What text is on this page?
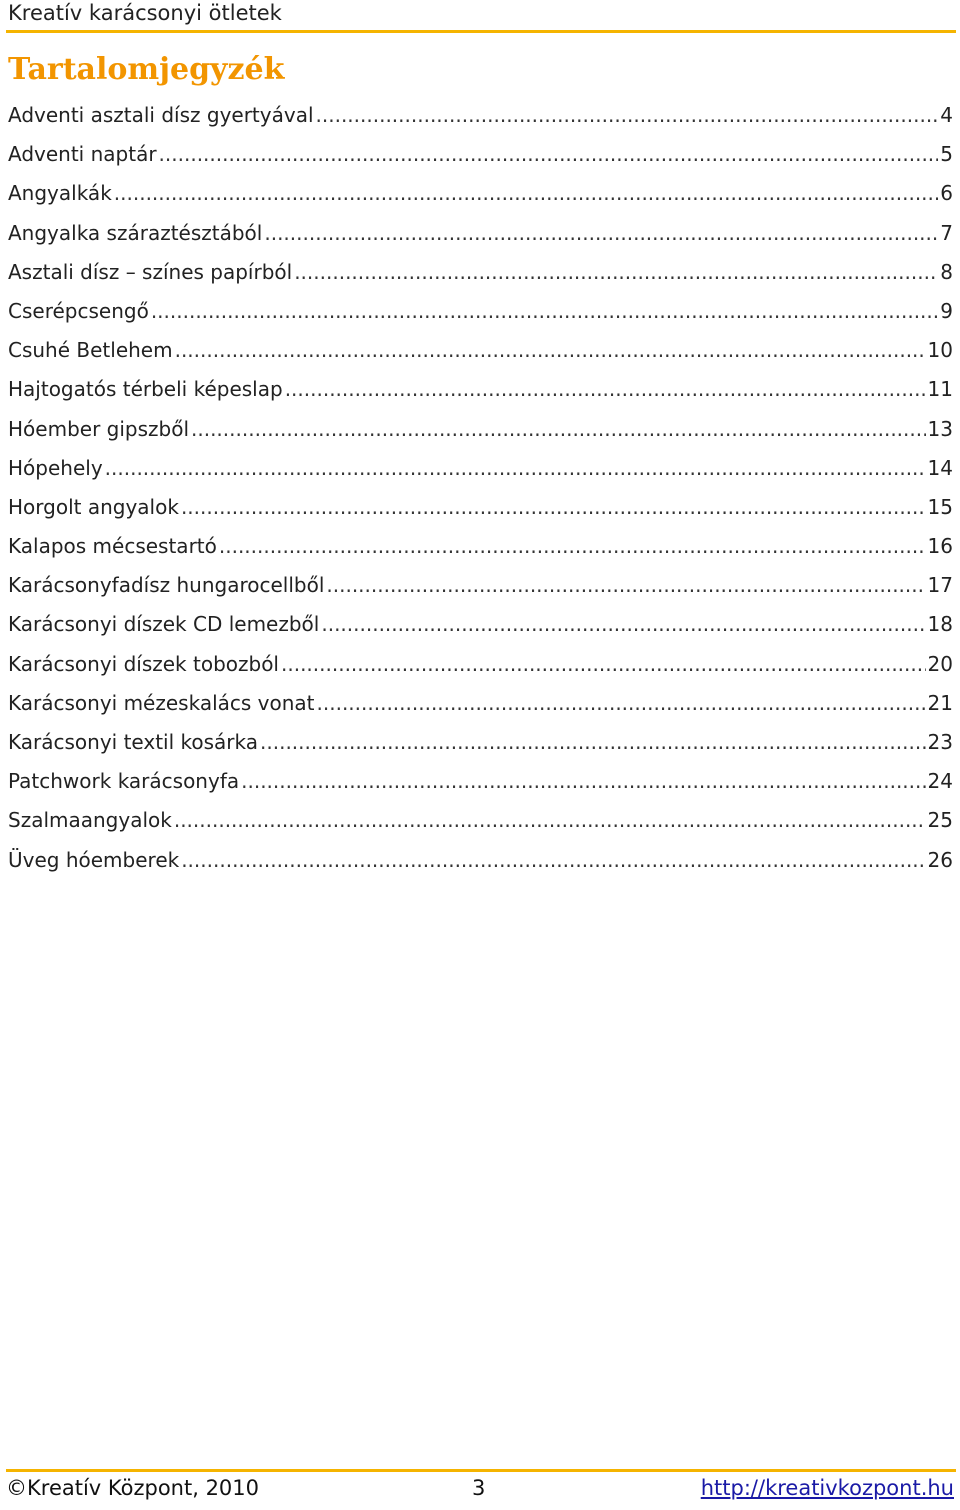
Kreatív karácsonyi ötletek
Tartalomjegyzék
Adventi asztali dísz gyertyával .....	4
Adventi naptár .....	5
Angyalkák .....	6
Angyalka száraztésztából .....	7
Asztali dísz – színes papírból .....	8
Cserépcsengő .....	9
Csuhé Betlehem .....	10
Hajtogatós térbeli képeslap .....	11
Hóember gipszből .....	13
Hópehely .....	14
Horgolt angyalok .....	15
Kalapos mécsestartó .....	16
Karácsonyfadísz hungarocellből .....	17
Karácsonyi díszek CD lemezből .....	18
Karácsonyi díszek tobozból .....	20
Karácsonyi mézeskalács vonat .....	21
Karácsonyi textil kosárka .....	23
Patchwork karácsonyfa .....	24
Szalmaangyalok .....	25
Üveg hóemberek .....	26
©Kreatív Központ, 2010	3	http://kreativkozpont.hu
